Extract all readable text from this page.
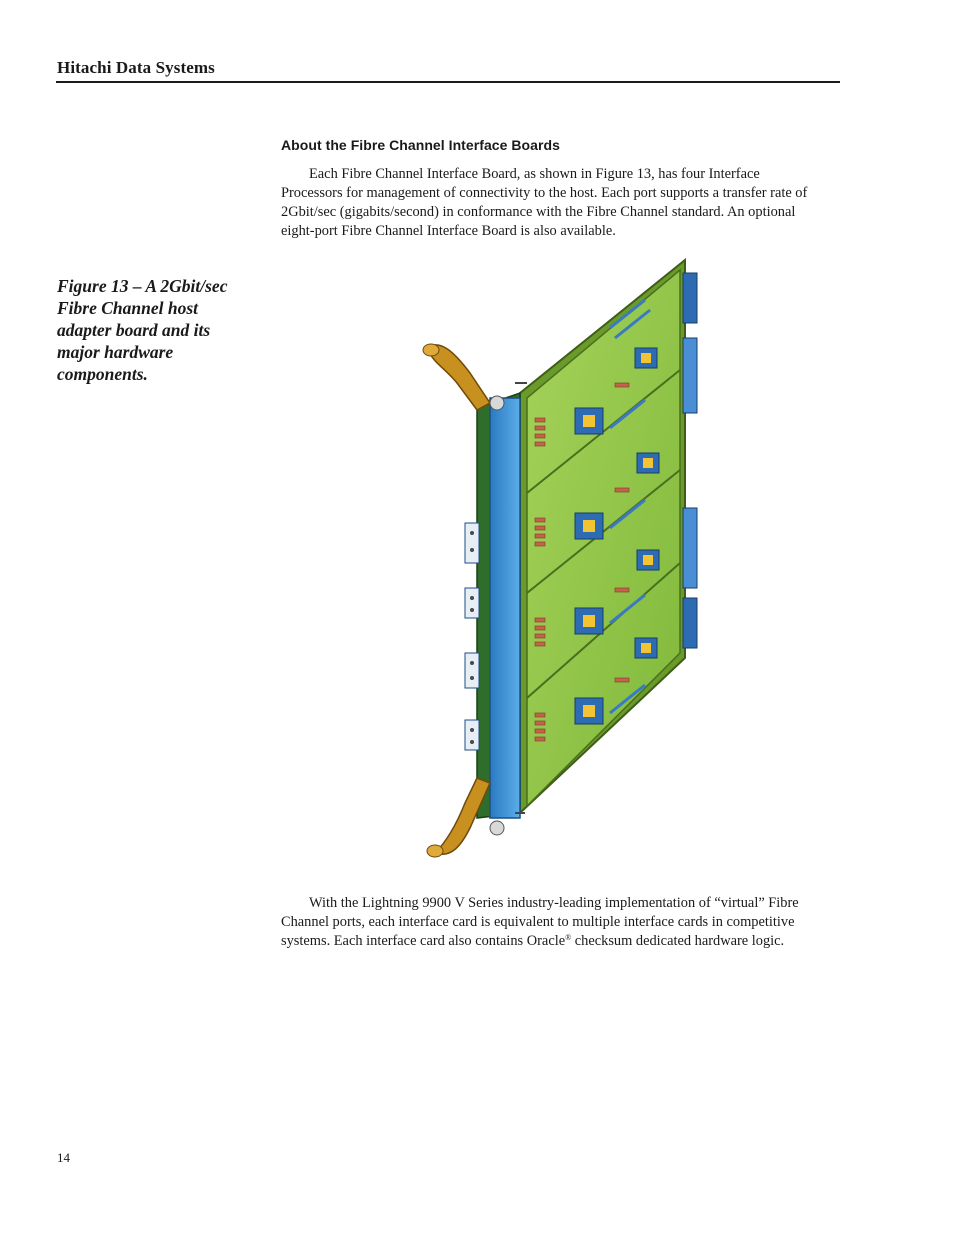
Hitachi Data Systems
About the Fibre Channel Interface Boards

Each Fibre Channel Interface Board, as shown in Figure 13, has four Interface
Processors for management of connectivity to the host. Each port supports a transfer rate of
2Gbit/sec (gigabits/second) in conformance with the Fibre Channel standard. An optional
eight-port Fibre Channel Interface Board is also available.

Figure 13 – A 2Gbit/sec
Fibre Channel host
adapter board and its
major hardware
components.

With the Lightning 9900 V Series industry-leading implementation of “virtual” Fibre
Channel ports, each interface card is equivalent to multiple interface cards in competitive
systems. Each interface card also contains Oracle® checksum dedicated hardware logic.

14
